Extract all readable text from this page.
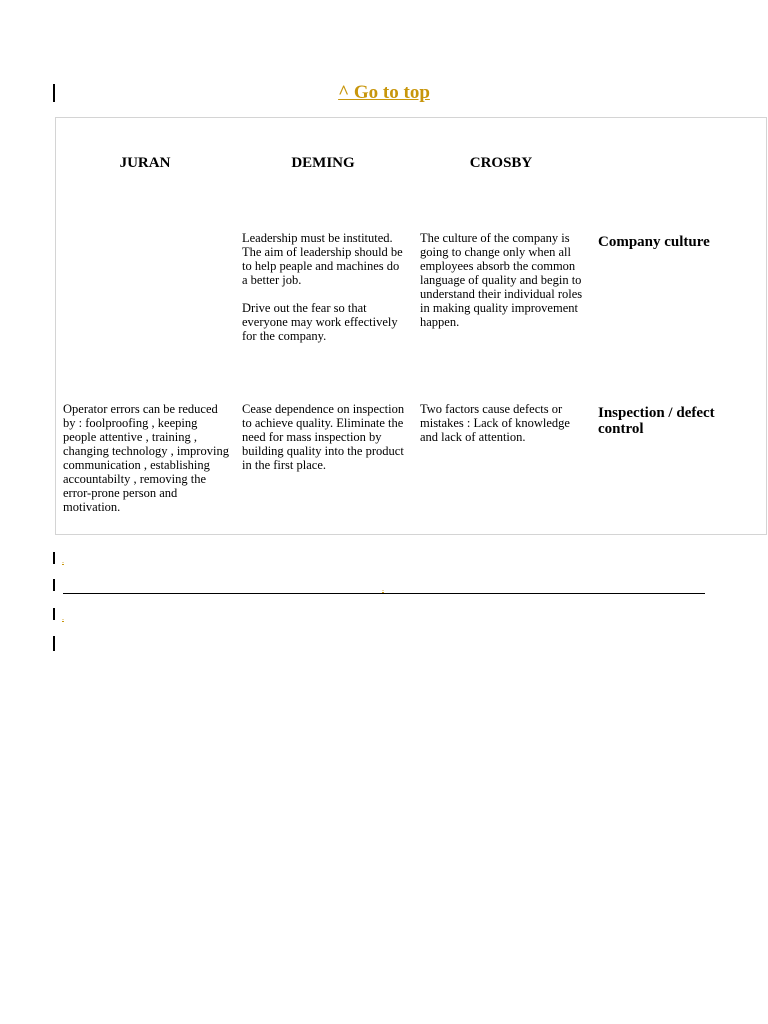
^ Go to top
JURAN	DEMING	CROSBY

Leadership must be instituted. The aim of leadership should be to help peaple and machines do a better job.

Drive out the fear so that everyone may work effectively for the company.

The culture of the company is going to change only when all employees absorb the common language of quality and begin to understand their individual roles in making quality improvement happen.
Company culture
Operator errors can be reduced by : foolproofing , keeping people attentive , training , changing technology , improving communication , establishing accountabilty , removing the error-prone person and motivation.
Cease dependence on inspection to achieve quality. Eliminate the need for mass inspection by building quality into the product in the first place.
Two factors cause defects or mistakes : Lack of knowledge and lack of attention.
Inspection / defect control
.
.
.
